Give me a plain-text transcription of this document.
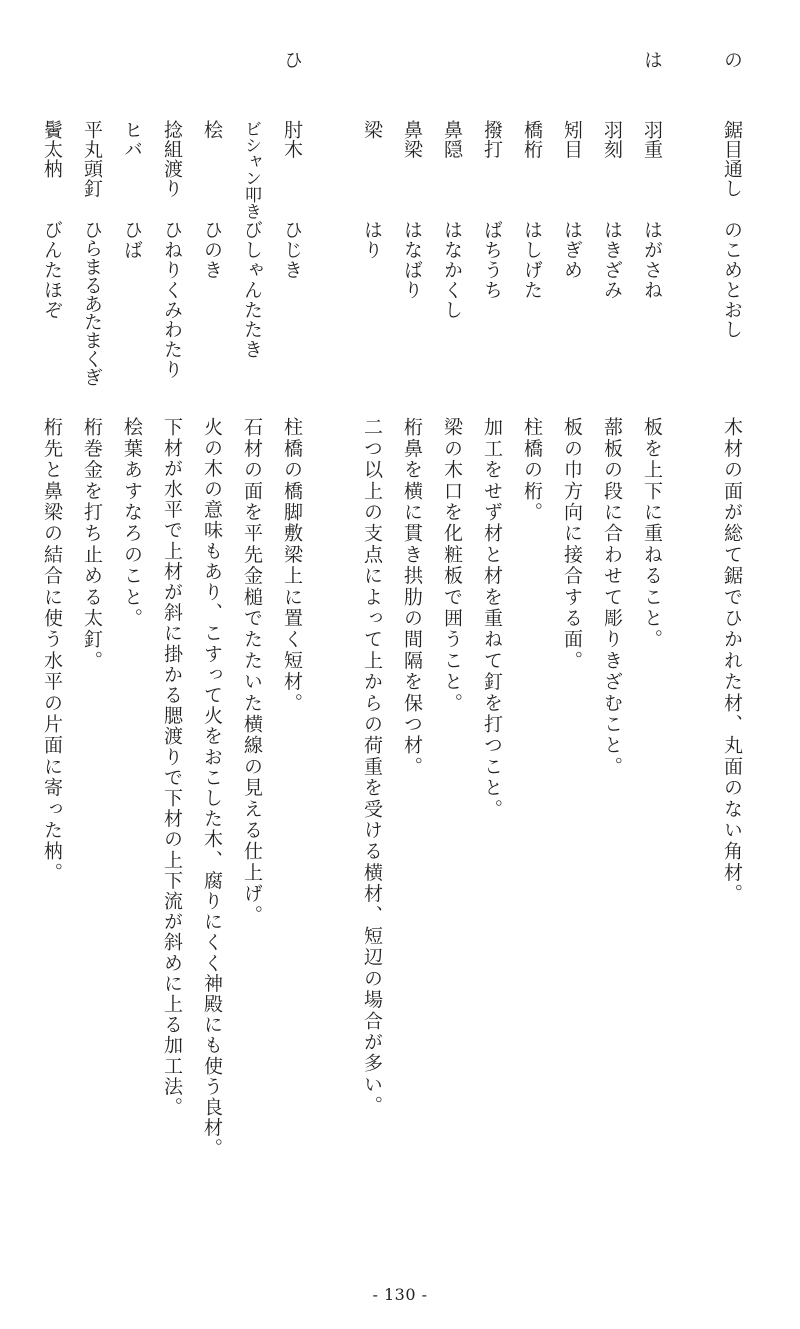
の
鋸目通し
のこめとおし
木材の面が総て鋸でひかれた材、丸面のない角材。
は
羽重
はがさね
板を上下に重ねること。
羽刻
はきざみ
蔀板の段に合わせて彫りきざむこと。
矧目
はぎめ
板の巾方向に接合する面。
橋桁
はしげた
柱橋の桁。
撥打
ばちうち
加工をせず材と材を重ねて釘を打つこと。
鼻隠
はなかくし
梁の木口を化粧板で囲うこと。
鼻梁
はなばり
桁鼻を横に貫き拱肋の間隔を保つ材。
梁
はり
二つ以上の支点によって上からの荷重を受ける横材、短辺の場合が多い。
ひ
肘木
ひじき
柱橋の橋脚敷梁上に置く短材。
ビシャン叩き
びしゃんたたき
石材の面を平先金槌でたたいた横線の見える仕上げ。
桧
ひのき
火の木の意味もあり、こすって火をおこした木、腐りにくく神殿にも使う良材。
捻組渡り
ひねりくみわたり
下材が水平で上材が斜に掛かる腮渡りで下材の上下流が斜めに上る加工法。
ヒバ
ひば
桧葉あすなろのこと。
平丸頭釘
ひらまるあたまくぎ
桁巻金を打ち止める太釘。
鬢太枘
びんたほぞ
桁先と鼻梁の結合に使う水平の片面に寄った枘。
- 130 -
